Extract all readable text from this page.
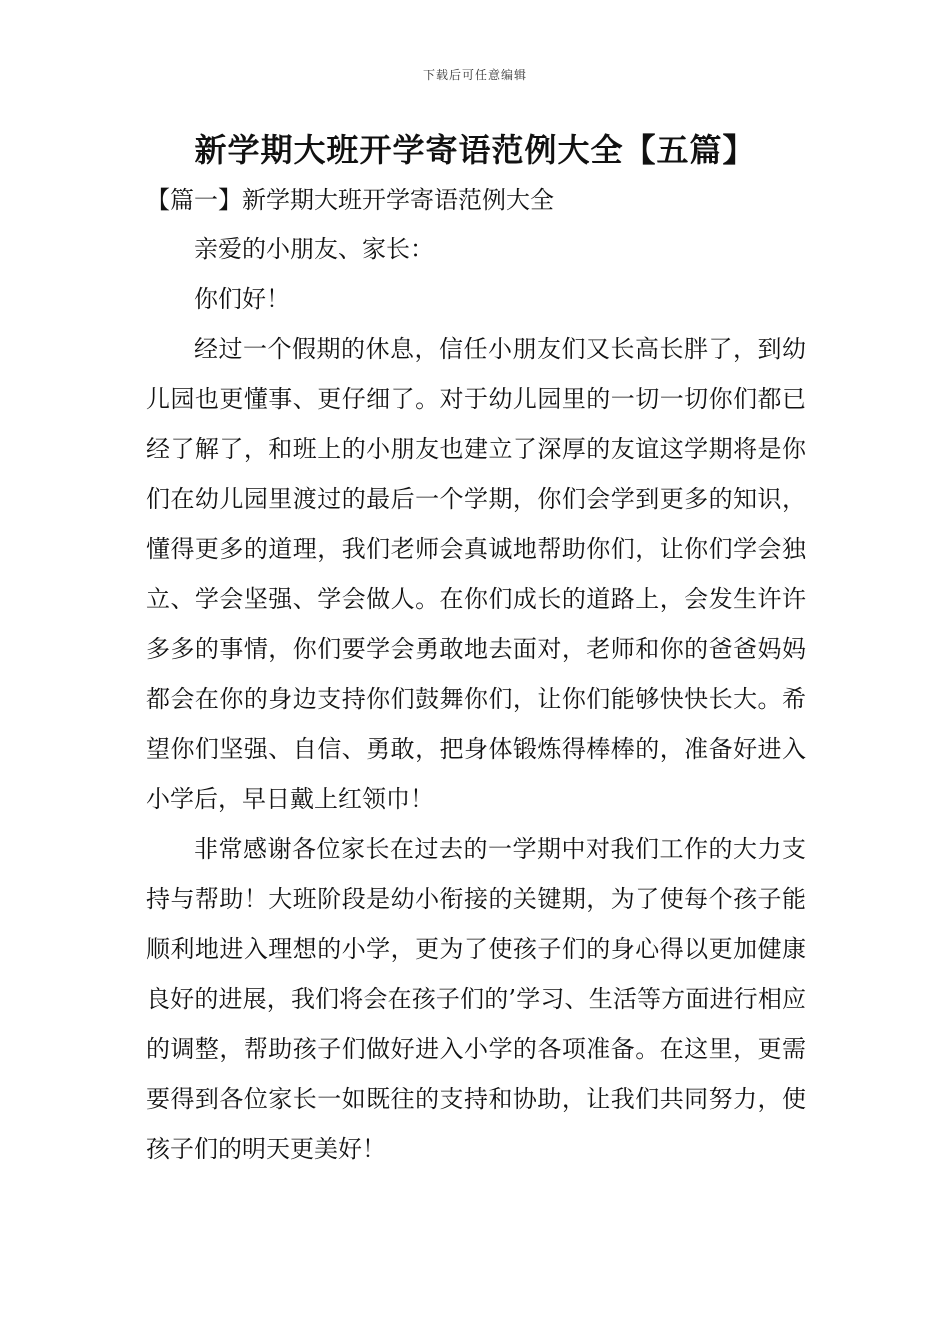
下载后可任意编辑
新学期大班开学寄语范例大全【五篇】
【篇一】新学期大班开学寄语范例大全

亲爱的小朋友、家长：

你们好！

经过一个假期的休息，信任小朋友们又长高长胖了，到幼儿园也更懂事、更仔细了。对于幼儿园里的一切一切你们都已经了解了，和班上的小朋友也建立了深厚的友谊这学期将是你们在幼儿园里渡过的最后一个学期，你们会学到更多的知识，懂得更多的道理，我们老师会真诚地帮助你们，让你们学会独立、学会坚强、学会做人。在你们成长的道路上，会发生许许多多的事情，你们要学会勇敢地去面对，老师和你的爸爸妈妈都会在你的身边支持你们鼓舞你们，让你们能够快快长大。希望你们坚强、自信、勇敢，把身体锻炼得棒棒的，准备好进入小学后，早日戴上红领巾！

非常感谢各位家长在过去的一学期中对我们工作的大力支持与帮助！大班阶段是幼小衔接的关键期，为了使每个孩子能顺利地进入理想的小学，更为了使孩子们的身心得以更加健康良好的进展，我们将会在孩子们的’学习、生活等方面进行相应的调整，帮助孩子们做好进入小学的各项准备。在这里，更需要得到各位家长一如既往的支持和协助，让我们共同努力，使孩子们的明天更美好！
